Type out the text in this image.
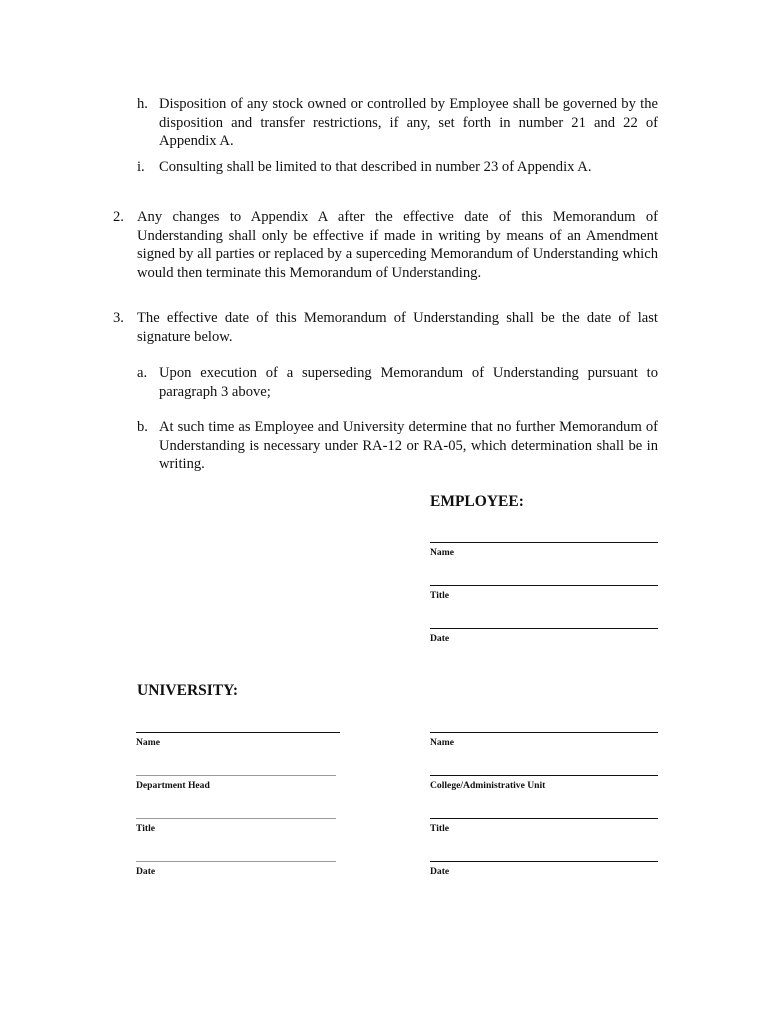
h. Disposition of any stock owned or controlled by Employee shall be governed by the disposition and transfer restrictions, if any, set forth in number 21 and 22 of Appendix A.

i. Consulting shall be limited to that described in number 23 of Appendix A.

2. Any changes to Appendix A after the effective date of this Memorandum of Understanding shall only be effective if made in writing by means of an Amendment signed by all parties or replaced by a superceding Memorandum of Understanding which would then terminate this Memorandum of Understanding.

3. The effective date of this Memorandum of Understanding shall be the date of last signature below.

a. Upon execution of a superseding Memorandum of Understanding pursuant to paragraph 3 above;

b. At such time as Employee and University determine that no further Memorandum of Understanding is necessary under RA-12 or RA-05, which determination shall be in writing.

EMPLOYEE:
Name
Title
Date
UNIVERSITY:
Name
Department Head
Title
Date
Name
College/Administrative Unit
Title
Date
